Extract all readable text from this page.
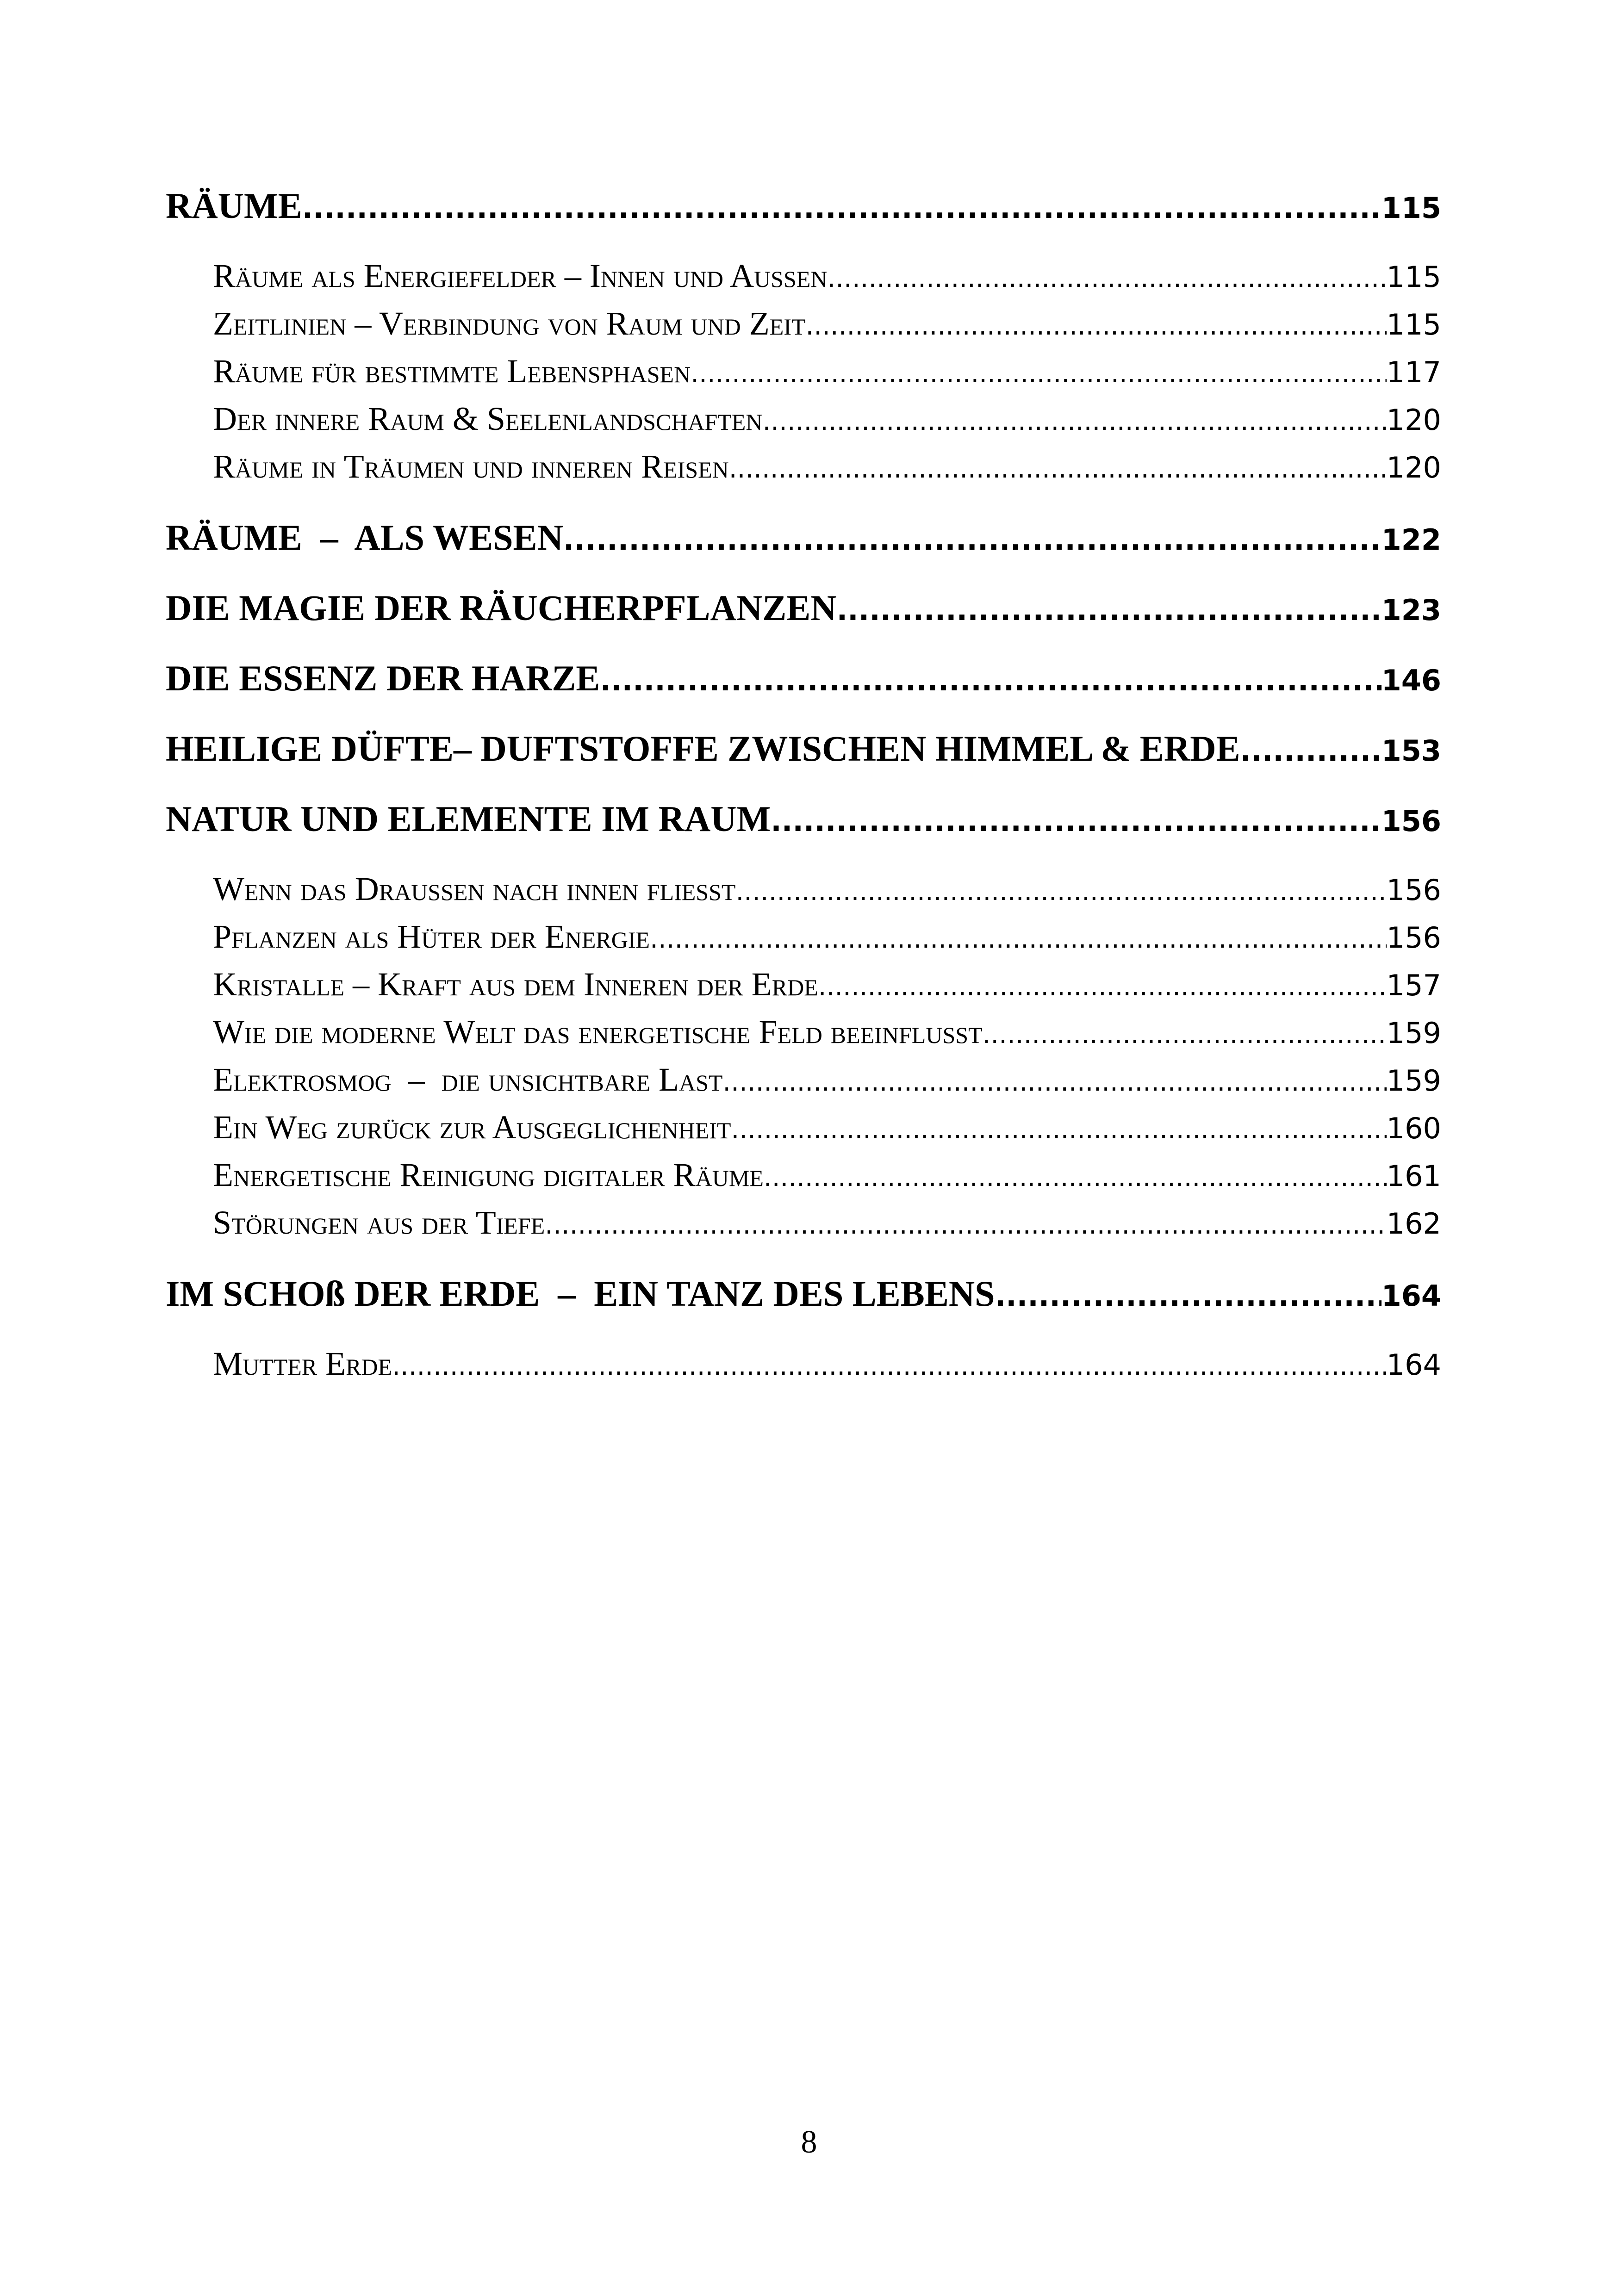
RÄUME .....	115
Räume als Energiefelder – Innen und Außen .....	115
Zeitlinien – Verbindung von Raum und Zeit .....	115
Räume für bestimmte Lebensphasen .....	117
Der innere Raum & Seelenlandschaften .....	120
Räume in Träumen und inneren Reisen .....	120
RÄUME  –  ALS WESEN .....	122
DIE MAGIE DER RÄUCHERPFLANZEN .....	123
DIE ESSENZ DER HARZE .....	146
HEILIGE DÜFTE– DUFTSTOFFE ZWISCHEN HIMMEL & ERDE .....	153
NATUR UND ELEMENTE IM RAUM .....	156
Wenn das Draußen nach innen fließt .....	156
Pflanzen als Hüter der Energie .....	156
Kristalle – Kraft aus dem Inneren der Erde .....	157
Wie die moderne Welt das energetische Feld beeinflusst .....	159
Elektrosmog  –  die unsichtbare Last .....	159
Ein Weg zurück zur Ausgeglichenheit .....	160
Energetische Reinigung digitaler Räume .....	161
Störungen aus der Tiefe .....	162
IM SCHOß DER ERDE  –  EIN TANZ DES LEBENS .....	164
Mutter Erde .....	164
8
